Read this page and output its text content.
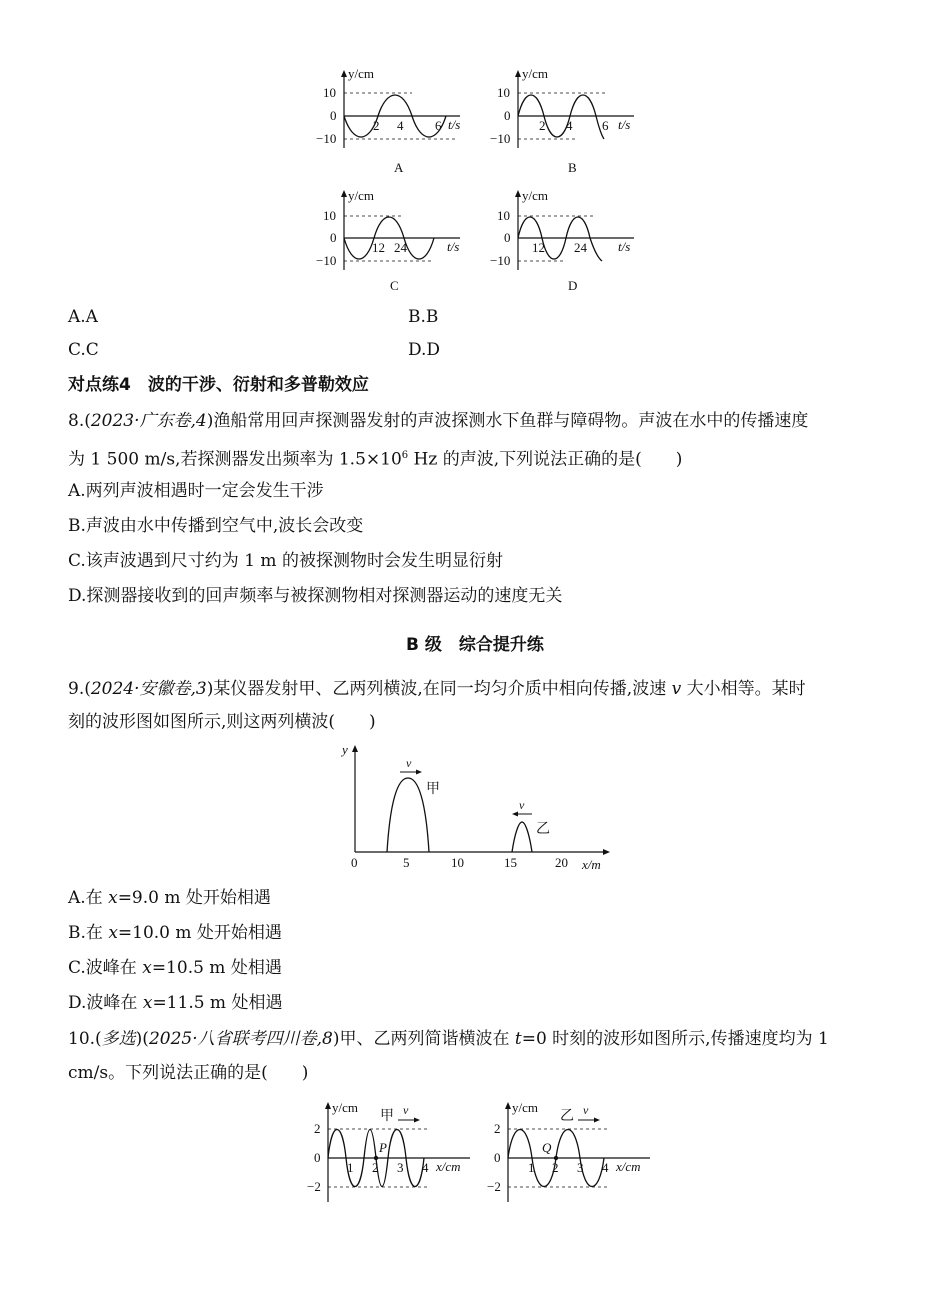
y/cm
10
0
−10
2 4 6 t/s
A
y/cm
10
0
−10
2 4 6 t/s
B
y/cm
10
0
−10
12 24	t/s
C
y/cm
10
0
−10
12 24 t/s
D
A.A	B.B
C.C	D.D
对点练4　波的干涉、衍射和多普勒效应
8.(2023·广东卷,4)渔船常用回声探测器发射的声波探测水下鱼群与障碍物。声波在水中的传播速度
为 1 500 m/s,若探测器发出频率为 $1.5\times 10^6$ Hz 的声波,下列说法正确的是(　　)
A.两列声波相遇时一定会发生干涉
B.声波由水中传播到空气中,波长会改变
C.该声波遇到尺寸约为 1 m 的被探测物时会发生明显衍射
D.探测器接收到的回声频率与被探测物相对探测器运动的速度无关
B 级　综合提升练
9.(2024·安徽卷,3)某仪器发射甲、乙两列横波,在同一均匀介质中相向传播,波速 v 大小相等。某时
刻的波形图如图所示,则这两列横波(　　)
y
v
甲
v
乙
0	5	10	15	20 x/m
A.在 x=9.0 m 处开始相遇
B.在 x=10.0 m 处开始相遇
C.波峰在 x=10.5 m 处相遇
D.波峰在 x=11.5 m 处相遇
10.(多选)(2025·八省联考四川卷,8)甲、乙两列简谐横波在 t=0 时刻的波形如图所示,传播速度均为 1
cm/s。下列说法正确的是(　　)
y/cm
甲 v
P
2
0
−2
1 2 3 4 x/cm
y/cm
乙 v
Q
2
0
−2
1 2 3 4 x/cm
